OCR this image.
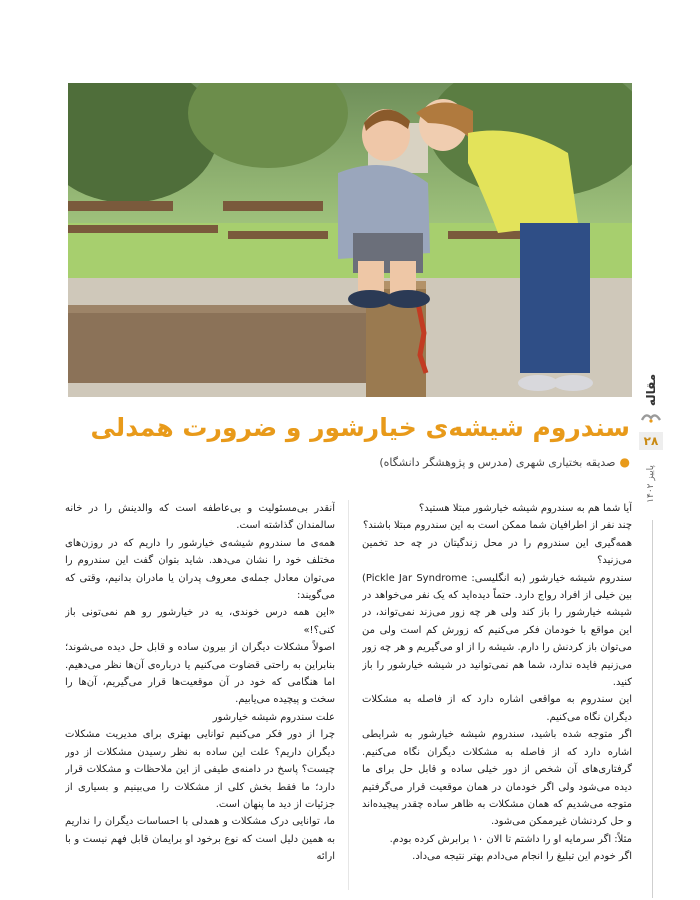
مقاله
۲۸
پاییز ۱۴۰۲
سندروم شیشه‌ی خیارشور و ضرورت همدلی
●صدیقه بختیاری شهری (مدرس و پژوهشگر دانشگاه)

آیا شما هم به سندروم شیشه خیارشور مبتلا هستید؟

چند نفر از اطرافیان شما ممکن است به این سندروم مبتلا باشند؟

همه‌گیری این سندروم را در محل زندگیتان در چه حد تخمین می‌زنید؟

سندروم شیشه خیارشور (به انگلیسی: Pickle Jar Syndrome) بین خیلی از افراد رواج دارد. حتماً دیده‌اید که یک نفر می‌خواهد در شیشه خیارشور را باز کند ولی هر چه زور می‌زند نمی‌تواند، در این مواقع با خودمان فکر می‌کنیم که زورش کم است ولی من می‌توان باز کردنش را دارم. شیشه را از او می‌گیریم و هر چه زور می‌زنیم فایده ندارد، شما هم نمی‌توانید در شیشه خیارشور را باز کنید.

این سندروم به مواقعی اشاره دارد که از فاصله به مشکلات دیگران نگاه می‌کنیم.

اگر متوجه شده باشید، سندروم شیشه خیارشور به شرایطی اشاره دارد که از فاصله به مشکلات دیگران نگاه می‌کنیم. گرفتاری‌های آن شخص از دور خیلی ساده و قابل حل برای ما دیده می‌شود ولی اگر خودمان در همان موقعیت قرار می‌گرفتیم متوجه می‌شدیم که همان مشکلات به ظاهر ساده چقدر پیچیده‌اند و حل کردنشان غیرممکن می‌شود.

مثلاً: اگر سرمایه او را داشتم تا الان ۱۰ برابرش کرده بودم.

اگر خودم این تبلیغ را انجام می‌دادم بهتر نتیجه می‌داد.

آنقدر بی‌مسئولیت و بی‌عاطفه است که والدینش را در خانه سالمندان گذاشته است.

همه‌ی ما سندروم شیشه‌ی خیارشور را داریم که در روزن‌های مختلف خود را نشان می‌دهد. شاید بتوان گفت این سندروم را می‌توان معادل جمله‌ی معروف پدران یا مادران بدانیم، وقتی که می‌گویند:

«این همه درس خوندی، یه در خیارشور رو هم نمی‌تونی باز کنی؟!»

اصولاً مشکلات دیگران از بیرون ساده و قابل حل دیده می‌شوند؛ بنابراین به راحتی قضاوت می‌کنیم یا درباره‌ی آن‌ها نظر می‌دهیم. اما هنگامی که خود در آن موقعیت‌ها قرار می‌گیریم، آن‌ها را سخت و پیچیده می‌یابیم.

علت سندروم شیشه خیارشور

چرا از دور فکر می‌کنیم توانایی بهتری برای مدیریت مشکلات دیگران داریم؟ علت این ساده به نظر رسیدن مشکلات از دور چیست؟ پاسخ در دامنه‌ی طیفی از این ملاحظات و مشکلات قرار دارد؛ ما فقط بخش کلی از مشکلات را می‌بینیم و بسیاری از جزئیات از دید ما پنهان است.

ما، توانایی درک مشکلات و همدلی با احساسات دیگران را نداریم به همین دلیل است که نوع برخود او برایمان قابل فهم نیست و با ارائه
